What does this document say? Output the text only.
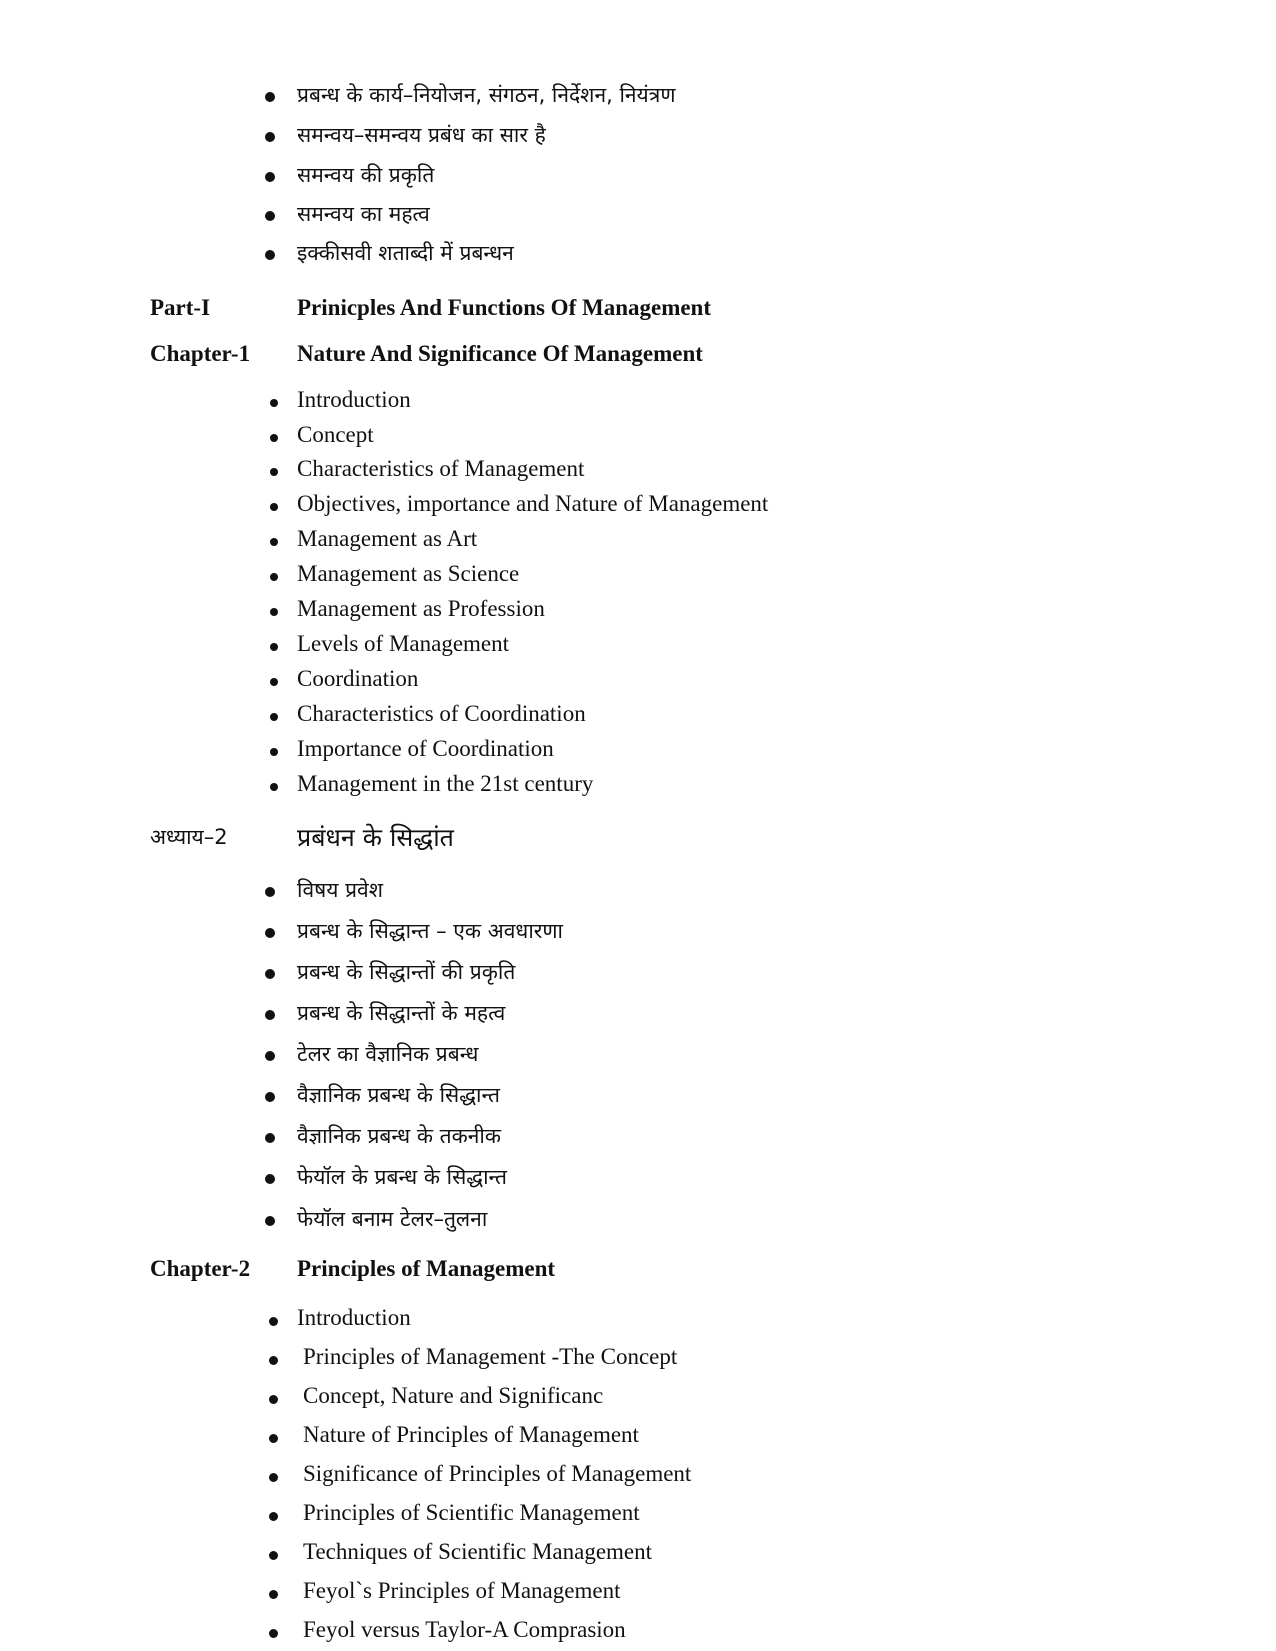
प्रबन्ध के कार्य–नियोजन, संगठन, निर्देशन, नियंत्रण
समन्वय–समन्वय प्रबंध का सार है
समन्वय की प्रकृति
समन्वय का महत्व
इक्कीसवी शताब्दी में प्रबन्धन
Part-I	Prinicples And Functions Of Management
Chapter-1 Nature And Significance Of Management
Introduction
Concept
Characteristics of Management
Objectives, importance and Nature of Management
Management as Art
Management as Science
Management as Profession
Levels of Management
Coordination
Characteristics of Coordination
Importance of Coordination
Management in the 21st century
अध्याय–2	प्रबंधन के सिद्धांत
विषय प्रवेश
प्रबन्ध के सिद्धान्त – एक अवधारणा
प्रबन्ध के सिद्धान्तों की प्रकृति
प्रबन्ध के सिद्धान्तों के महत्व
टेलर का वैज्ञानिक प्रबन्ध
वैज्ञानिक प्रबन्ध के सिद्धान्त
वैज्ञानिक प्रबन्ध के तकनीक
फेयॉल के प्रबन्ध के सिद्धान्त
फेयॉल बनाम टेलर–तुलना
Chapter-2 Principles of Management
Introduction
Principles of Management -The Concept
Concept, Nature and Significanc
Nature of Principles of Management
Significance of Principles of Management
Principles of Scientific Management
Techniques of Scientific Management
Feyol`s Principles of Management
Feyol versus Taylor-A Comprasion
